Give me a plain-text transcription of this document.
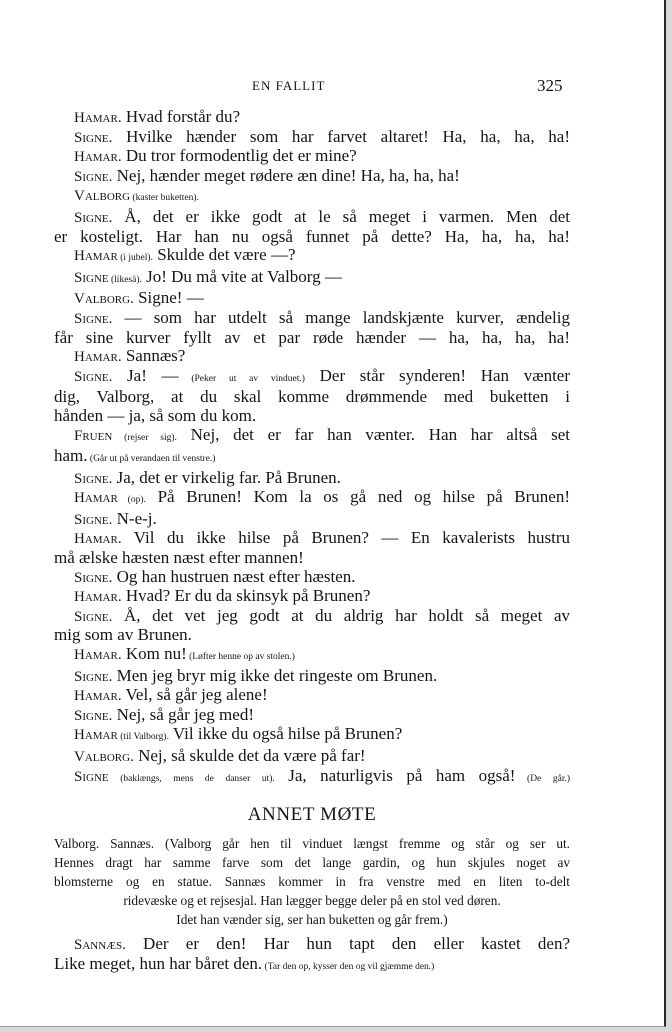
EN FALLIT	325
Hamar. Hvad forstår du?
Signe. Hvilke hænder som har farvet altaret! Ha, ha, ha, ha!
Hamar. Du tror formodentlig det er mine?
Signe. Nej, hænder meget rødere æn dine! Ha, ha, ha, ha!
Valborg (kaster buketten).
Signe. Å, det er ikke godt at le så meget i varmen. Men det
er kosteligt. Har han nu også funnet på dette? Ha, ha, ha, ha!
Hamar (i jubel). Skulde det være —?
Signe (likesä). Jo! Du må vite at Valborg —
Valborg. Signe! —
Signe. — som har utdelt så mange landskjænte kurver, ændelig
får sine kurver fyllt av et par røde hænder — ha, ha, ha, ha!
Hamar. Sannæs?
Signe. Ja! — (Peker ut av vinduet.) Der står synderen! Han vænter
dig, Valborg, at du skal komme drømmende med buketten i
hånden — ja, så som du kom.
Fruen (rejser sig). Nej, det er far han vænter. Han har altså set
ham. (Går ut på verandaen til venstre.)
Signe. Ja, det er virkelig far. På Brunen.
Hamar (op). På Brunen! Kom la os gå ned og hilse på Brunen!
Signe. N-e-j.
Hamar. Vil du ikke hilse på Brunen? — En kavalerists hustru
må ælske hæsten næst efter mannen!
Signe. Og han hustruen næst efter hæsten.
Hamar. Hvad? Er du da skinsyk på Brunen?
Signe. Å, det vet jeg godt at du aldrig har holdt så meget av
mig som av Brunen.
Hamar. Kom nu! (Løfter henne op av stolen.)
Signe. Men jeg bryr mig ikke det ringeste om Brunen.
Hamar. Vel, så går jeg alene!
Signe. Nej, så går jeg med!
Hamar (til Valborg). Vil ikke du også hilse på Brunen?
Valborg. Nej, så skulde det da være på far!
Signe (baklængs, mens de danser ut). Ja, naturligvis på ham også! (De går.)
ANNET MØTE
Valborg. Sannæs. (Valborg går hen til vinduet længst fremme og står og ser ut.
Hennes dragt har samme farve som det lange gardin, og hun skjules noget av
blomsterne og en statue. Sannæs kommer in fra venstre med en liten to-delt
ridevæske og et rejsesjal. Han lægger begge deler på en stol ved døren.
Idet han vænder sig, ser han buketten og går frem.)
Sannæs. Der er den! Har hun tapt den eller kastet den?
Like meget, hun har båret den. (Tar den op, kysser den og vil gjæmme den.)
